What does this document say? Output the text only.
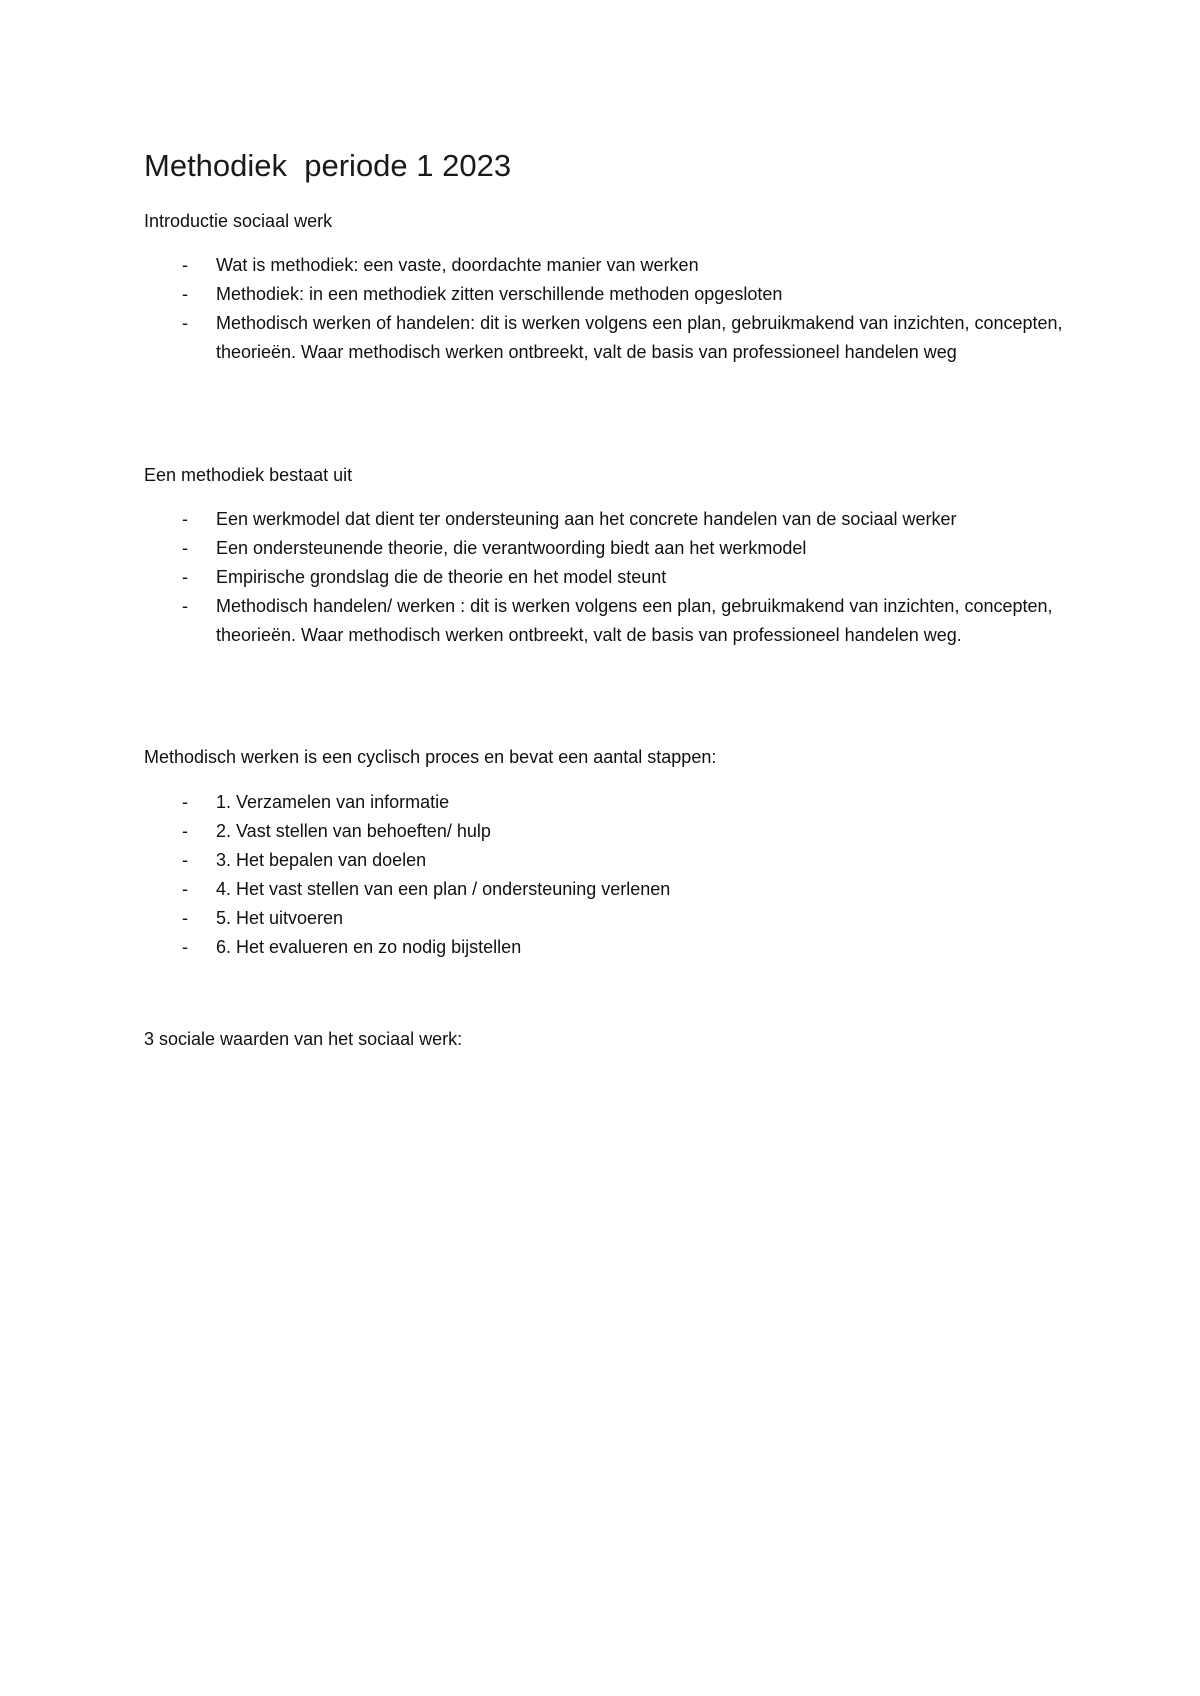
Methodiek  periode 1 2023

Introductie sociaal werk

- Wat is methodiek: een vaste, doordachte manier van werken
- Methodiek: in een methodiek zitten verschillende methoden opgesloten
- Methodisch werken of handelen: dit is werken volgens een plan, gebruikmakend van inzichten, concepten, theorieën. Waar methodisch werken ontbreekt, valt de basis van professioneel handelen weg

Een methodiek bestaat uit

- Een werkmodel dat dient ter ondersteuning aan het concrete handelen van de sociaal werker
- Een ondersteunende theorie, die verantwoording biedt aan het werkmodel
- Empirische grondslag die de theorie en het model steunt
- Methodisch handelen/ werken : dit is werken volgens een plan, gebruikmakend van inzichten, concepten, theorieën. Waar methodisch werken ontbreekt, valt de basis van professioneel handelen weg.

Methodisch werken is een cyclisch proces en bevat een aantal stappen:

- 1. Verzamelen van informatie
- 2. Vast stellen van behoeften/ hulp
- 3. Het bepalen van doelen
- 4. Het vast stellen van een plan / ondersteuning verlenen
- 5. Het uitvoeren
- 6. Het evalueren en zo nodig bijstellen

3 sociale waarden van het sociaal werk:
